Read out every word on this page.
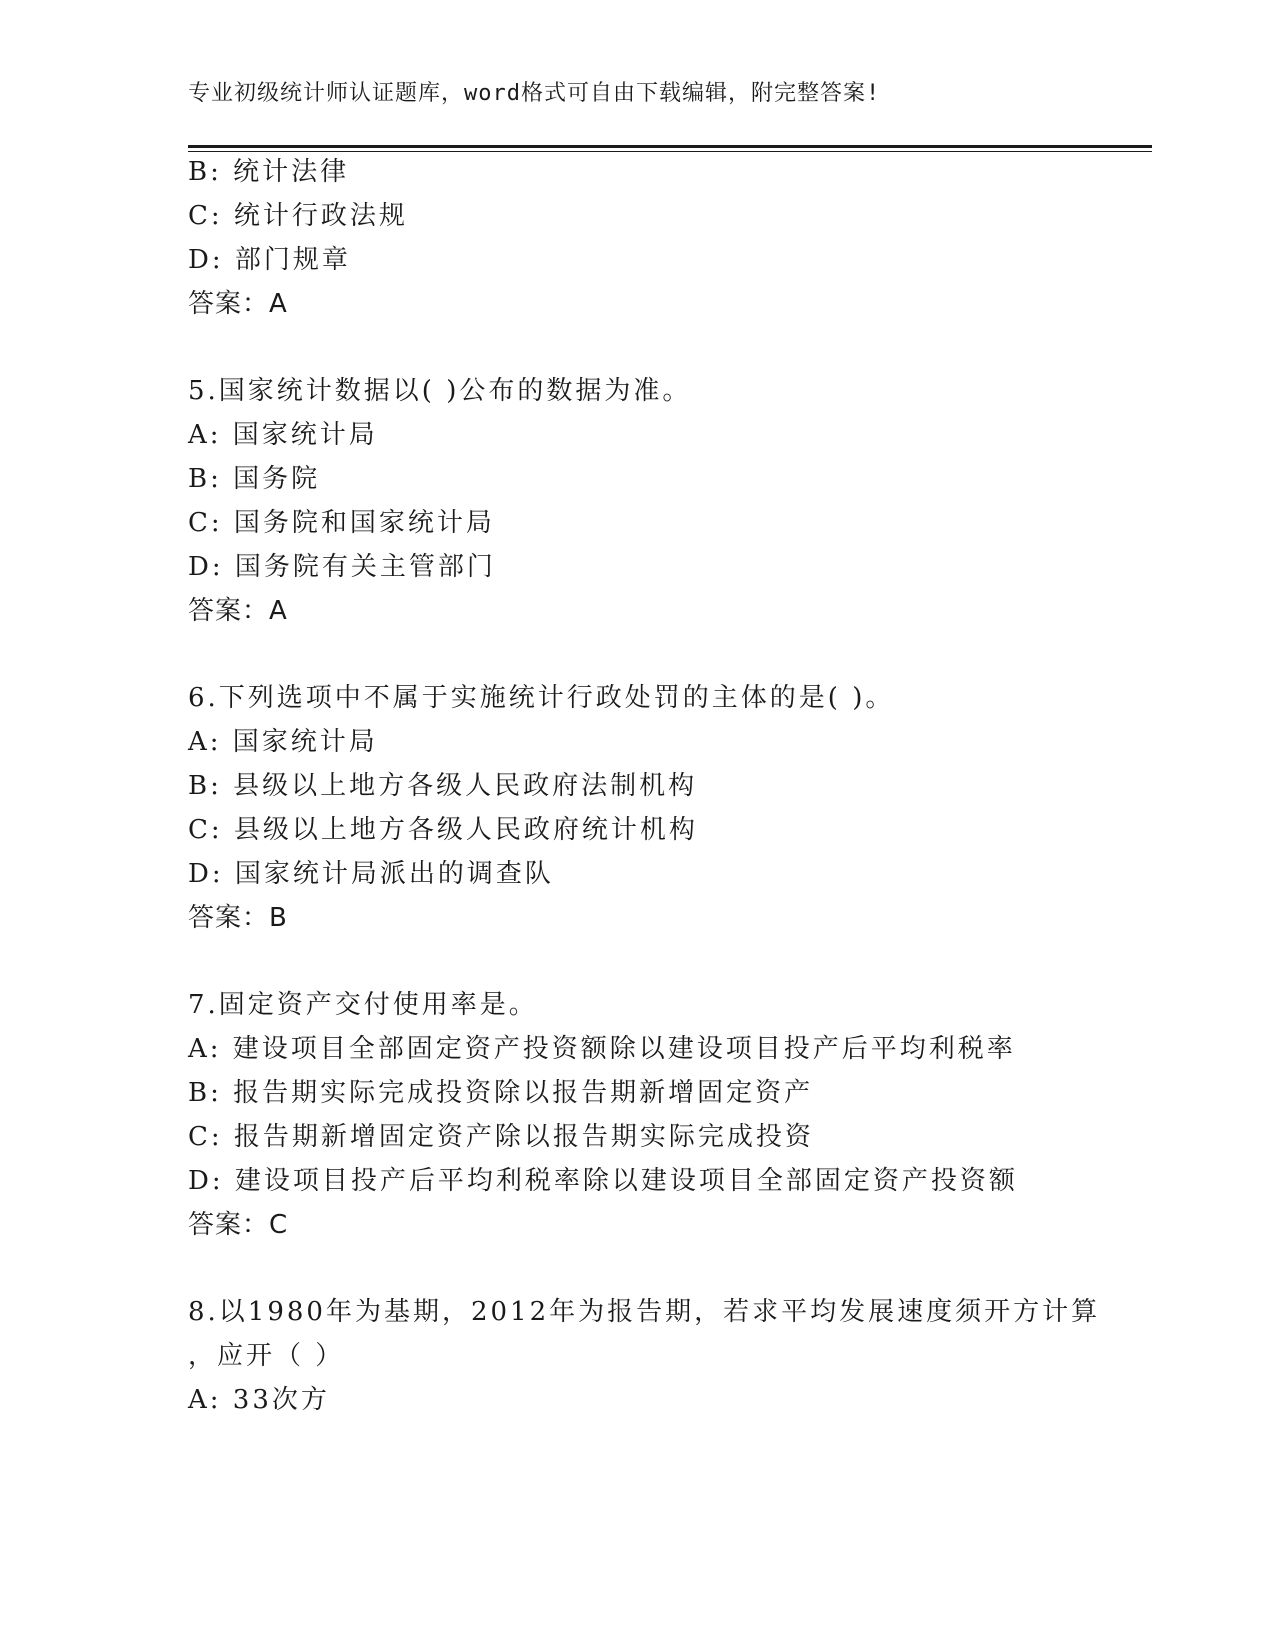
专业初级统计师认证题库，word格式可自由下载编辑，附完整答案!
B: 统计法律
C: 统计行政法规
D: 部门规章
答案：A
5.国家统计数据以( )公布的数据为准。
A: 国家统计局
B: 国务院
C: 国务院和国家统计局
D: 国务院有关主管部门
答案：A
6.下列选项中不属于实施统计行政处罚的主体的是( )。
A: 国家统计局
B: 县级以上地方各级人民政府法制机构
C: 县级以上地方各级人民政府统计机构
D: 国家统计局派出的调查队
答案：B
7.固定资产交付使用率是。
A: 建设项目全部固定资产投资额除以建设项目投产后平均利税率
B: 报告期实际完成投资除以报告期新增固定资产
C: 报告期新增固定资产除以报告期实际完成投资
D: 建设项目投产后平均利税率除以建设项目全部固定资产投资额
答案：C
8.以1980年为基期，2012年为报告期，若求平均发展速度须开方计算
，应开（ ）
A: 33次方
